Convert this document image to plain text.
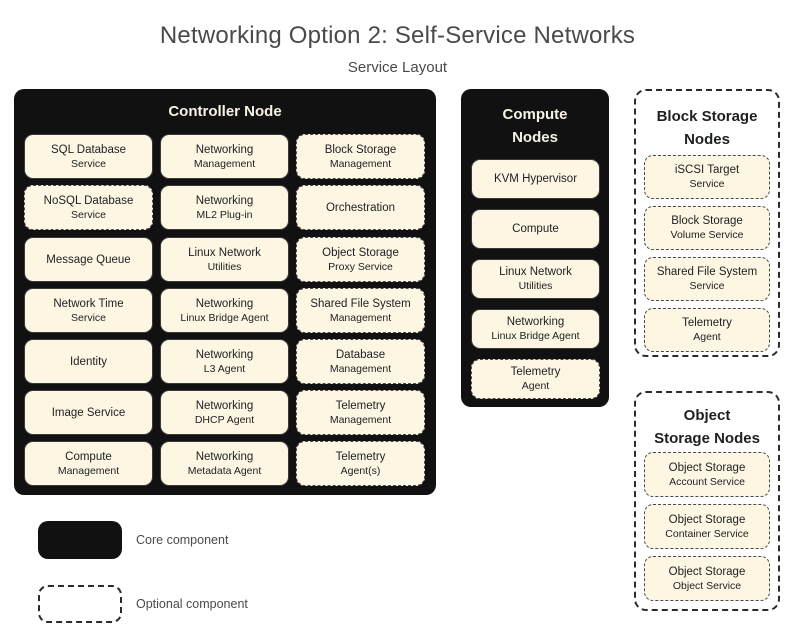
Networking Option 2: Self-Service Networks
Service Layout
Controller Node
SQL Database
Service
Networking
Management
Block Storage
Management
NoSQL Database
Service
Networking
ML2 Plug-in
Orchestration
Message Queue
Linux Network
Utilities
Object Storage
Proxy Service
Network Time
Service
Networking
Linux Bridge Agent
Shared File System
Management
Identity
Networking
L3 Agent
Database
Management
Image Service
Networking
DHCP Agent
Telemetry
Management
Compute
Management
Networking
Metadata Agent
Telemetry
Agent(s)
Compute Nodes
KVM Hypervisor
Compute
Linux Network
Utilities
Networking
Linux Bridge Agent
Telemetry
Agent
Block Storage Nodes
iSCSI Target
Service
Block Storage
Volume Service
Shared File System
Service
Telemetry
Agent
Object Storage Nodes
Object Storage
Account Service
Object Storage
Container Service
Object Storage
Object Service
Core component
Optional component
